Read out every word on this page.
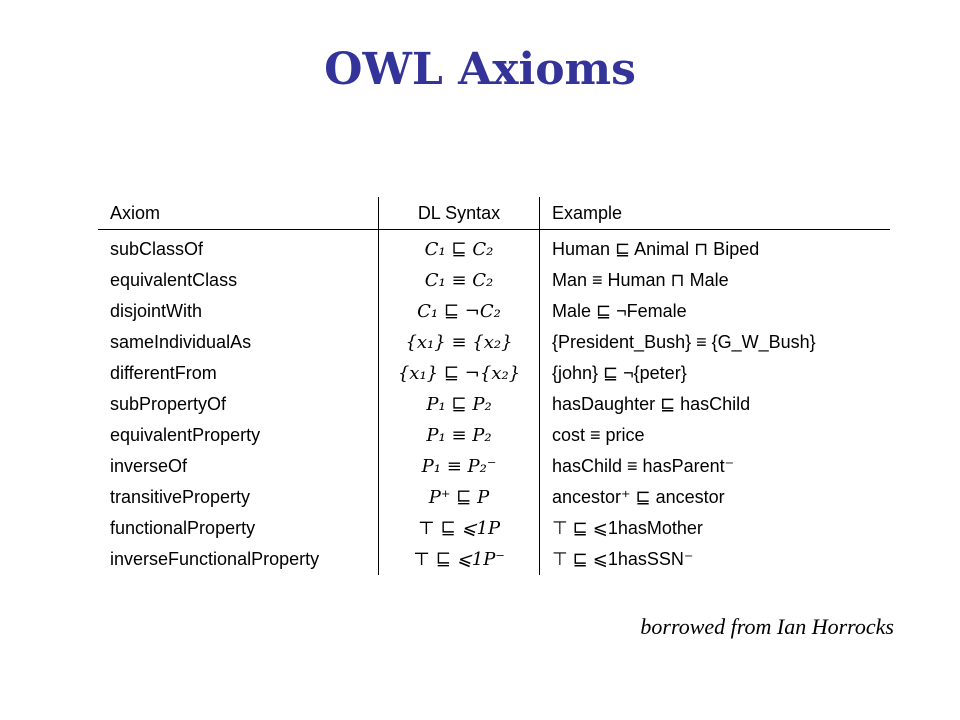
OWL Axioms
Axiom	DL Syntax	Example
subClassOf	C₁ ⊑ C₂	Human ⊑ Animal ⊓ Biped
equivalentClass	C₁ ≡ C₂	Man ≡ Human ⊓ Male
disjointWith	C₁ ⊑ ¬C₂	Male ⊑ ¬Female
sameIndividualAs	{x₁} ≡ {x₂}	{President_Bush} ≡ {G_W_Bush}
differentFrom	{x₁} ⊑ ¬{x₂}	{john} ⊑ ¬{peter}
subPropertyOf	P₁ ⊑ P₂	hasDaughter ⊑ hasChild
equivalentProperty	P₁ ≡ P₂	cost ≡ price
inverseOf	P₁ ≡ P₂⁻	hasChild ≡ hasParent⁻
transitiveProperty	P⁺ ⊑ P	ancestor⁺ ⊑ ancestor
functionalProperty	⊤ ⊑ ⩽1P	⊤ ⊑ ⩽1hasMother
inverseFunctionalProperty	⊤ ⊑ ⩽1P⁻	⊤ ⊑ ⩽1hasSSN⁻
borrowed from Ian Horrocks
